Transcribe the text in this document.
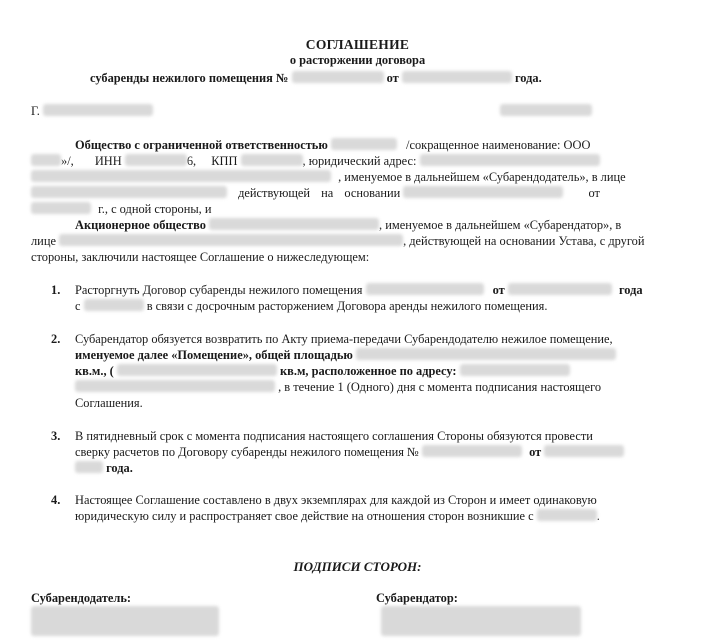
СОГЛАШЕНИЕ
о расторжении договора
субаренды нежилого помещения №	от	года.
Г.
Общество с ограниченной ответственностью	/сокращенное наименование: ООО
»/, ИНН	6, КПП	, юридический адрес:
, именуемое в дальнейшем «Субарендодатель», в лице
действующей на основании	от
г., с одной стороны, и
Акционерное общество	, именуемое в дальнейшем «Субарендатор», в
лице	, действующей на основании Устава, с другой
стороны, заключили настоящее Соглашение о нижеследующем:
1. Расторгнуть Договор субаренды нежилого помещения	от	года
с	в связи с досрочным расторжением Договора аренды нежилого помещения.
2. Субарендатор обязуется возвратить по Акту приема-передачи Субарендодателю нежилое помещение,
именуемое далее «Помещение», общей площадью
кв.м., (	кв.м, расположенное по адресу:
, в течение 1 (Одного) дня с момента подписания настоящего
Соглашения.
3. В пятидневный срок с момента подписания настоящего соглашения Стороны обязуются провести
сверку расчетов по Договору субаренды нежилого помещения №	от
года.
4. Настоящее Соглашение составлено в двух экземплярах для каждой из Сторон и имеет одинаковую
юридическую силу и распространяет свое действие на отношения сторон возникшие с	.
ПОДПИСИ СТОРОН:
Субарендодатель:	Субарендатор:
